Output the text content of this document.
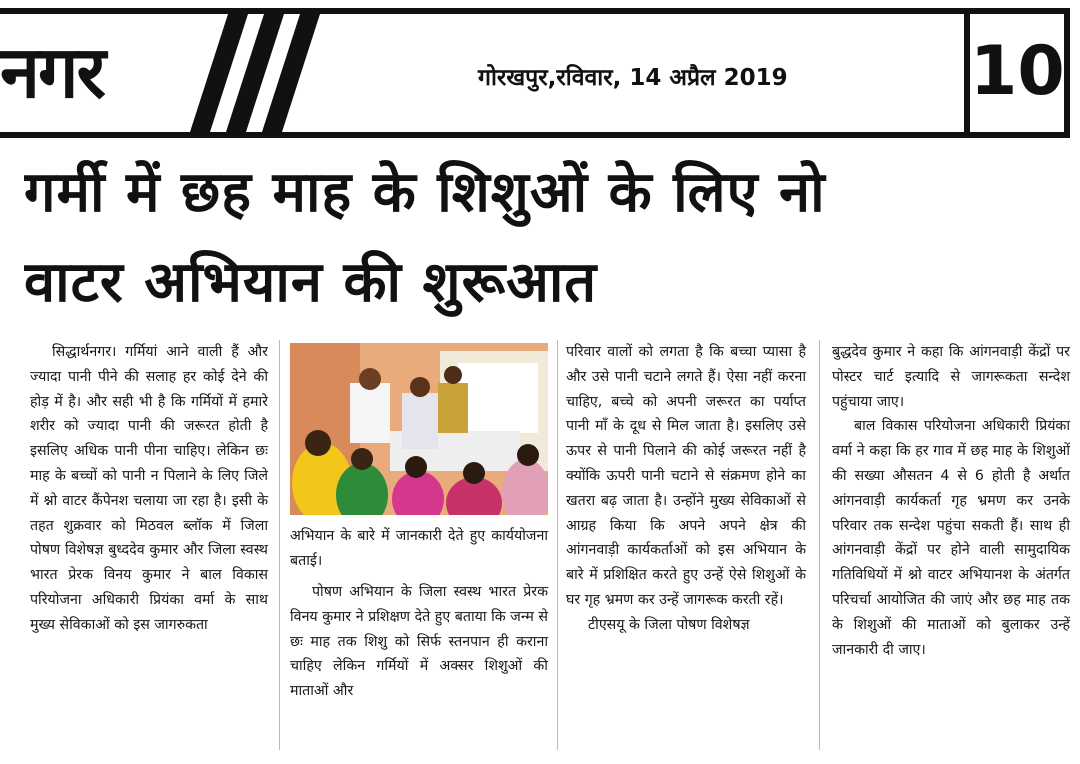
नगर	गोरखपुर,रविवार, 14 अप्रैल 2019	10
गर्मी में छह माह के शिशुओं के लिए नो
वाटर अभियान की शुरूआत

सिद्धार्थनगर। गर्मियां आने वाली हैं और ज्यादा पानी पीने की सलाह हर कोई देने की होड़ में है। और सही भी है कि गर्मियों में हमारे शरीर को ज्यादा पानी की जरूरत होती है इसलिए अधिक पानी पीना चाहिए। लेकिन छः माह के बच्चों को पानी न पिलाने के लिए जिले में श्नो वाटर कैंपेनश चलाया जा रहा है। इसी के तहत शुक्रवार को मिठवल ब्लॉक में जिला पोषण विशेषज्ञ बुध्ददेव कुमार और जिला स्वस्थ भारत प्रेरक विनय कुमार ने बाल विकास परियोजना अधिकारी प्रियंका वर्मा के साथ मुख्य सेविकाओं को इस जागरुकता

अभियान के बारे में जानकारी देते हुए कार्ययोजना बताई।

पोषण अभियान के जिला स्वस्थ भारत प्रेरक विनय कुमार ने प्रशिक्षण देते हुए बताया कि जन्म से छः माह तक शिशु को सिर्फ स्तनपान ही कराना चाहिए लेकिन गर्मियों में अक्सर शिशुओं की माताओं और

परिवार वालों को लगता है कि बच्चा प्यासा है और उसे पानी चटाने लगते हैं। ऐसा नहीं करना चाहिए, बच्चे को अपनी जरूरत का पर्याप्त पानी माँ के दूध से मिल जाता है। इसलिए उसे ऊपर से पानी पिलाने की कोई जरूरत नहीं है क्योंकि ऊपरी पानी चटाने से संक्रमण होने का खतरा बढ़ जाता है। उन्होंने मुख्य सेविकाओं से आग्रह किया कि अपने अपने क्षेत्र की आंगनवाड़ी कार्यकर्ताओं को इस अभियान के बारे में प्रशिक्षित करते हुए उन्हें ऐसे शिशुओं के घर गृह भ्रमण कर उन्हें जागरूक करती रहें।

टीएसयू के जिला पोषण विशेषज्ञ

बुद्धदेव कुमार ने कहा कि आंगनवाड़ी केंद्रों पर पोस्टर चार्ट इत्यादि से जागरूकता सन्देश पहुंचाया जाए।

बाल विकास परियोजना अधिकारी प्रियंका वर्मा ने कहा कि हर गाव में छह माह के शिशुओं की सख्या औसतन 4 से 6 होती है अर्थात आंगनवाड़ी कार्यकर्ता गृह भ्रमण कर उनके परिवार तक सन्देश पहुंचा सकती हैं। साथ ही आंगनवाड़ी केंद्रों पर होने वाली सामुदायिक गतिविधियों में श्नो वाटर अभियानश के अंतर्गत परिचर्चा आयोजित की जाएं और छह माह तक के शिशुओं की माताओं को बुलाकर उन्हें जानकारी दी जाए।
